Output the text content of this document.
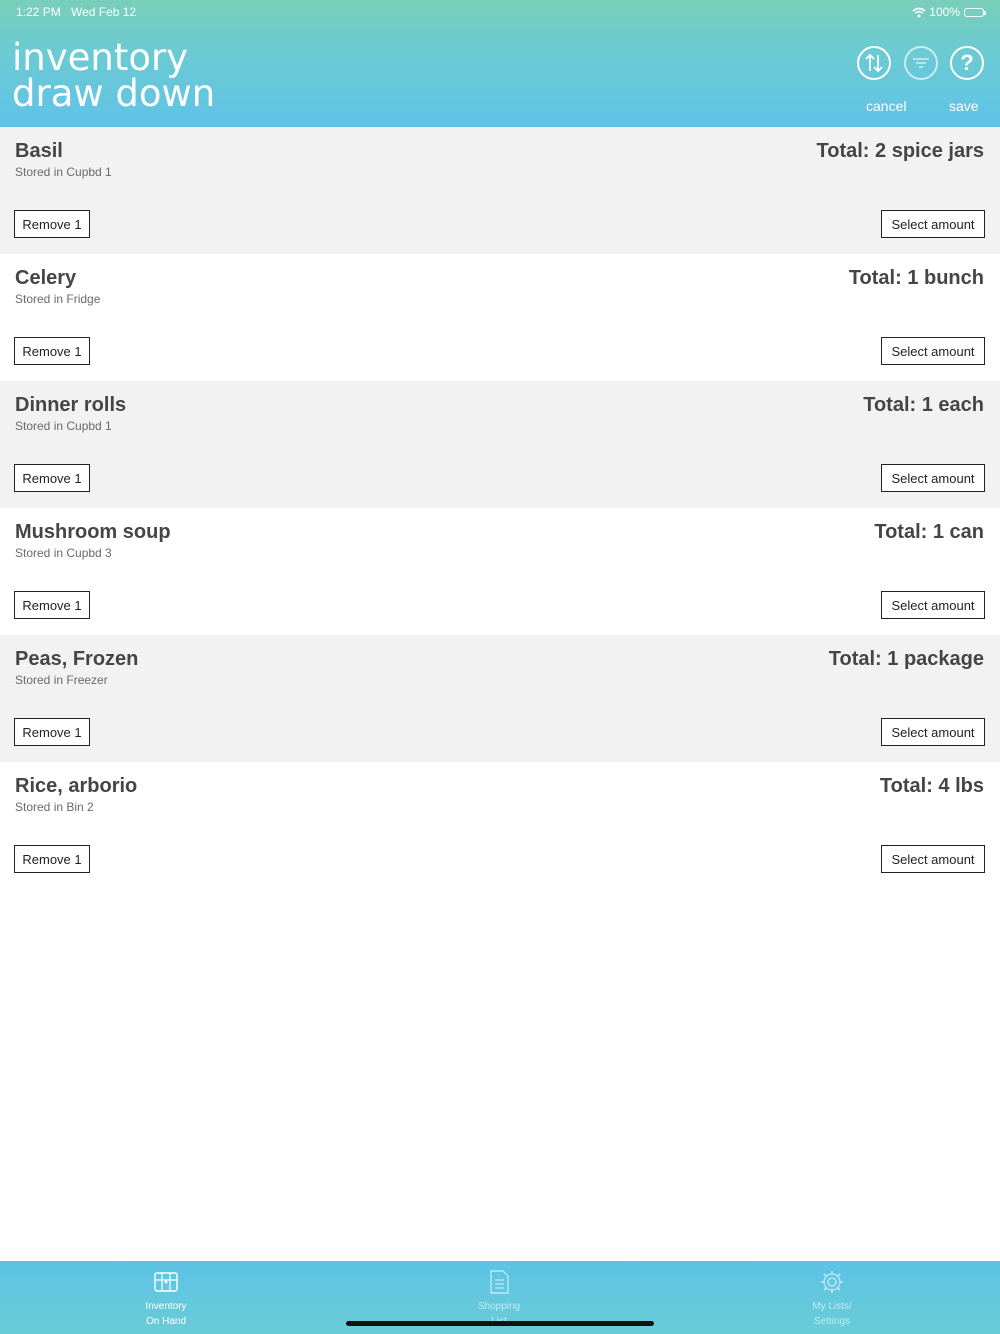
1:22 PM Wed Feb 12	100%
inventory
draw down
?
cancel	save
Basil
Stored in Cupbd 1
Total: 2 spice jars
Remove 1	Select amount
Celery
Stored in Fridge
Total: 1 bunch
Remove 1	Select amount
Dinner rolls
Stored in Cupbd 1
Total: 1 each
Remove 1	Select amount
Mushroom soup
Stored in Cupbd 3
Total: 1 can
Remove 1	Select amount
Peas, Frozen
Stored in Freezer
Total: 1 package
Remove 1	Select amount
Rice, arborio
Stored in Bin 2
Total: 4 lbs
Remove 1	Select amount
Inventory
On Hand
Shopping	My Lists/
Settings
